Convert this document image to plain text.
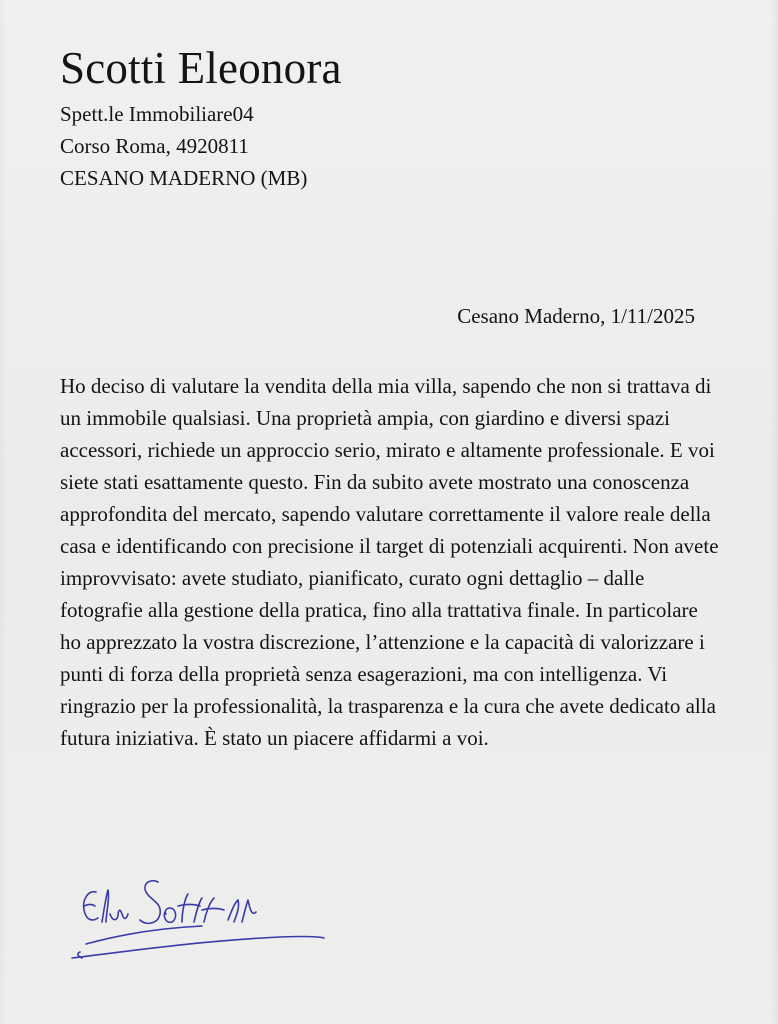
Scotti Eleonora
Spett.le Immobiliare04
Corso Roma, 4920811
CESANO MADERNO (MB)
Cesano Maderno, 1/11/2025

Ho deciso di valutare la vendita della mia villa, sapendo che non si trattava di un immobile qualsiasi. Una proprietà ampia, con giardino e diversi spazi accessori, richiede un approccio serio, mirato e altamente professionale. E voi siete stati esattamente questo. Fin da subito avete mostrato una conoscenza approfondita del mercato, sapendo valutare correttamente il valore reale della casa e identificando con precisione il target di potenziali acquirenti. Non avete improvvisato: avete studiato, pianificato, curato ogni dettaglio – dalle fotografie alla gestione della pratica, fino alla trattativa finale. In particolare ho apprezzato la vostra discrezione, l’attenzione e la capacità di valorizzare i punti di forza della proprietà senza esagerazioni, ma con intelligenza. Vi ringrazio per la professionalità, la trasparenza e la cura che avete dedicato alla futura iniziativa. È stato un piacere affidarmi a voi.
